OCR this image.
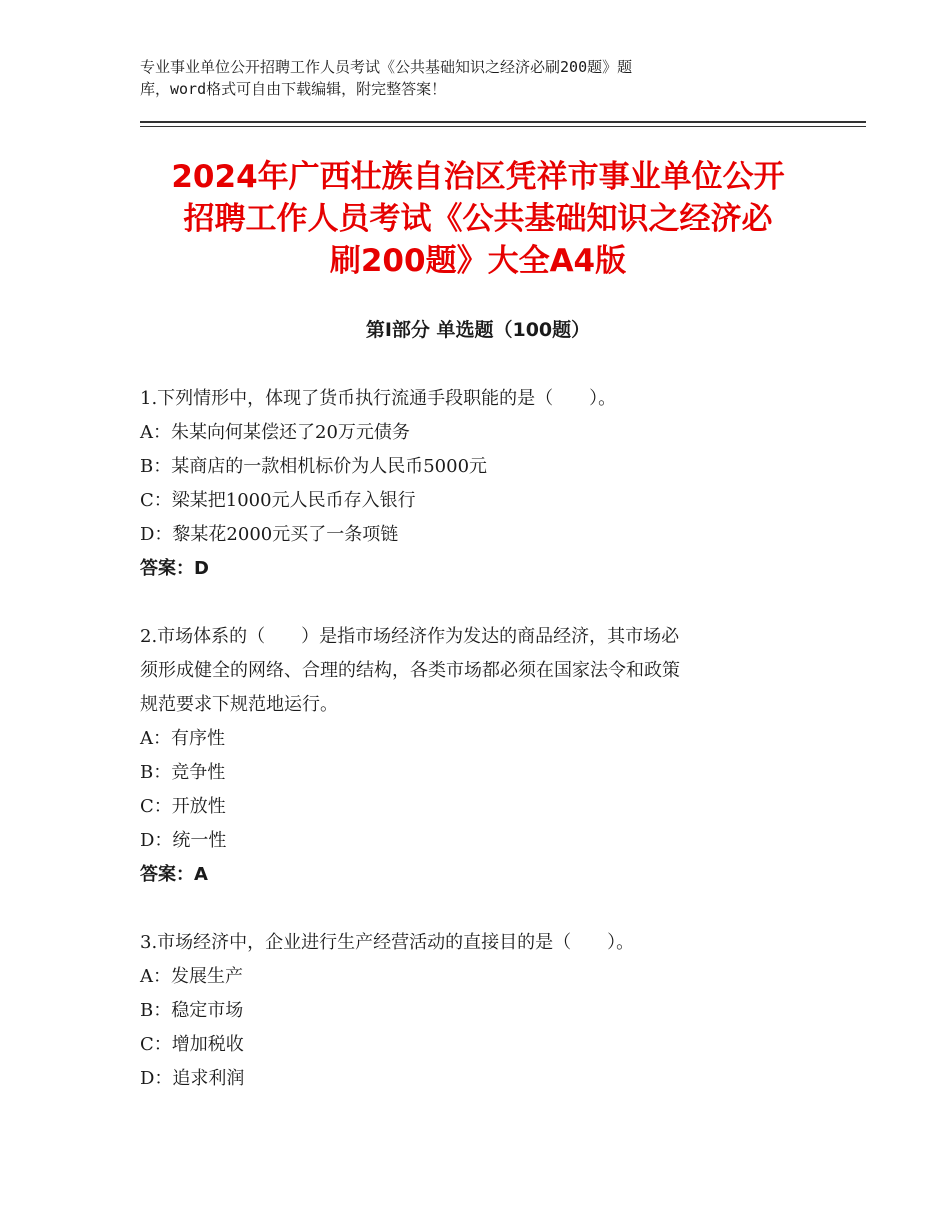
专业事业单位公开招聘工作人员考试《公共基础知识之经济必刷200题》题
库，word格式可自由下载编辑，附完整答案！
2024年广西壮族自治区凭祥市事业单位公开
招聘工作人员考试《公共基础知识之经济必
刷200题》大全A4版
第Ⅰ部分 单选题（100题）
1.下列情形中，体现了货币执行流通手段职能的是（　　）。
A：朱某向何某偿还了20万元债务
B：某商店的一款相机标价为人民币5000元
C：梁某把1000元人民币存入银行
D：黎某花2000元买了一条项链
答案：D
2.市场体系的（　　）是指市场经济作为发达的商品经济，其市场必
须形成健全的网络、合理的结构，各类市场都必须在国家法令和政策
规范要求下规范地运行。
A：有序性
B：竞争性
C：开放性
D：统一性
答案：A
3.市场经济中，企业进行生产经营活动的直接目的是（　　）。
A：发展生产
B：稳定市场
C：增加税收
D：追求利润
